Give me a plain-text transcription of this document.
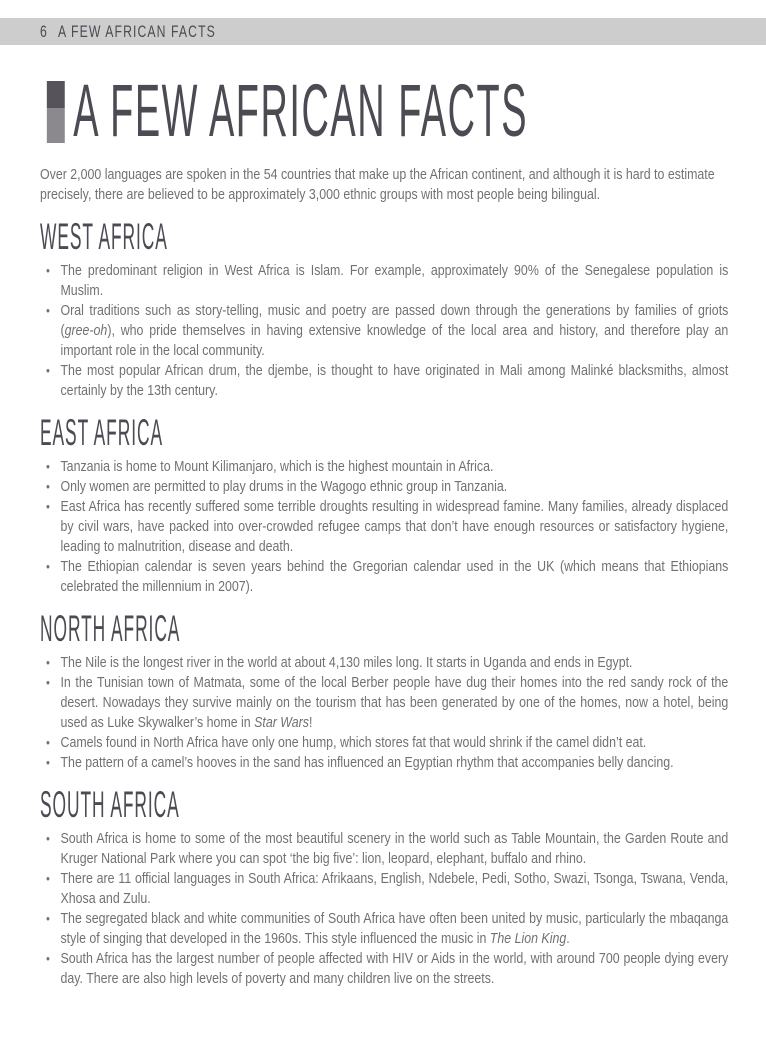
6 A FEW AFRICAN FACTS
A FEW AFRICAN FACTS

Over 2,000 languages are spoken in the 54 countries that make up the African continent, and although it is hard to estimate precisely, there are believed to be approximately 3,000 ethnic groups with most people being bilingual.

WEST AFRICA
• The predominant religion in West Africa is Islam. For example, approximately 90% of the Senegalese population is Muslim.
• Oral traditions such as story-telling, music and poetry are passed down through the generations by families of griots (gree-oh), who pride themselves in having extensive knowledge of the local area and history, and therefore play an important role in the local community.
• The most popular African drum, the djembe, is thought to have originated in Mali among Malinké blacksmiths, almost certainly by the 13th century.
EAST AFRICA
• Tanzania is home to Mount Kilimanjaro, which is the highest mountain in Africa.
• Only women are permitted to play drums in the Wagogo ethnic group in Tanzania.
• East Africa has recently suffered some terrible droughts resulting in widespread famine. Many families, already displaced by civil wars, have packed into over-crowded refugee camps that don’t have enough resources or satisfactory hygiene, leading to malnutrition, disease and death.
• The Ethiopian calendar is seven years behind the Gregorian calendar used in the UK (which means that Ethiopians celebrated the millennium in 2007).
NORTH AFRICA
• The Nile is the longest river in the world at about 4,130 miles long. It starts in Uganda and ends in Egypt.
• In the Tunisian town of Matmata, some of the local Berber people have dug their homes into the red sandy rock of the desert. Nowadays they survive mainly on the tourism that has been generated by one of the homes, now a hotel, being used as Luke Skywalker’s home in Star Wars!
• Camels found in North Africa have only one hump, which stores fat that would shrink if the camel didn’t eat.
• The pattern of a camel’s hooves in the sand has influenced an Egyptian rhythm that accompanies belly dancing.
SOUTH AFRICA
• South Africa is home to some of the most beautiful scenery in the world such as Table Mountain, the Garden Route and Kruger National Park where you can spot ‘the big five’: lion, leopard, elephant, buffalo and rhino.
• There are 11 official languages in South Africa: Afrikaans, English, Ndebele, Pedi, Sotho, Swazi, Tsonga, Tswana, Venda, Xhosa and Zulu.
• The segregated black and white communities of South Africa have often been united by music, particularly the mbaqanga style of singing that developed in the 1960s. This style influenced the music in The Lion King.
• South Africa has the largest number of people affected with HIV or Aids in the world, with around 700 people dying every day. There are also high levels of poverty and many children live on the streets.
